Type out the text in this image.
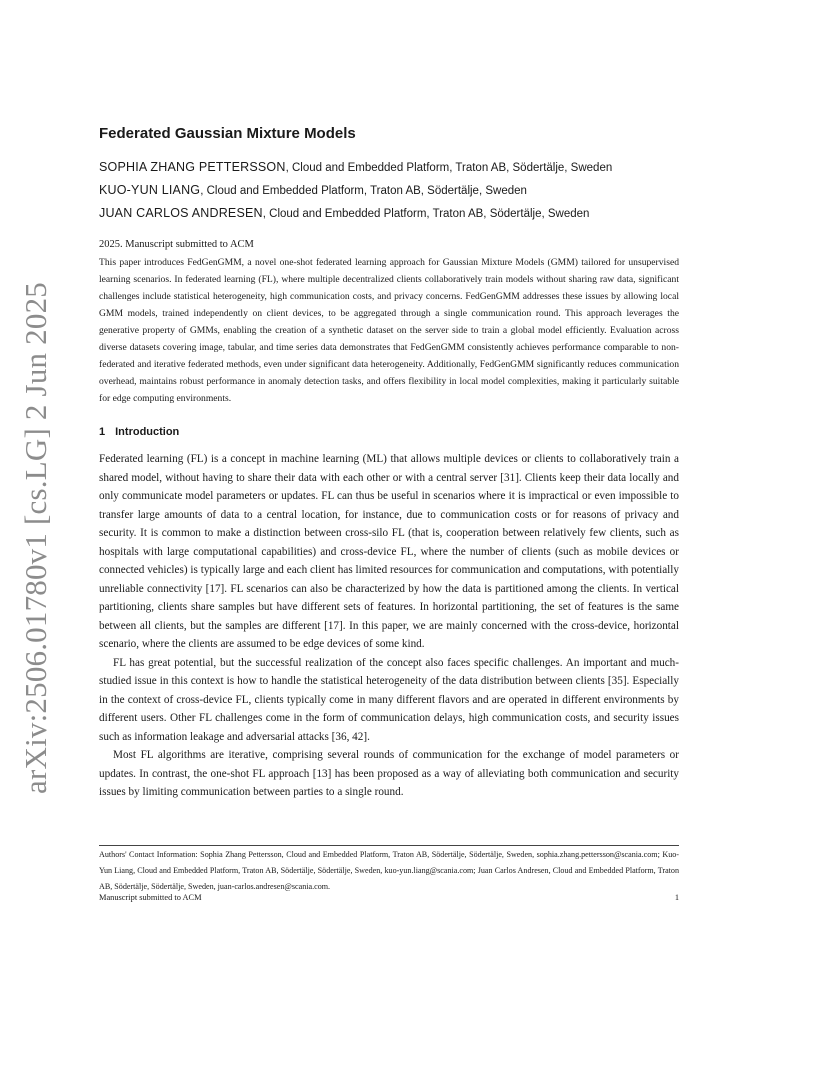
arXiv:2506.01780v1 [cs.LG] 2 Jun 2025
Federated Gaussian Mixture Models
SOPHIA ZHANG PETTERSSON, Cloud and Embedded Platform, Traton AB, Södertälje, Sweden
KUO-YUN LIANG, Cloud and Embedded Platform, Traton AB, Södertälje, Sweden
JUAN CARLOS ANDRESEN, Cloud and Embedded Platform, Traton AB, Södertälje, Sweden
2025. Manuscript submitted to ACM

This paper introduces FedGenGMM, a novel one-shot federated learning approach for Gaussian Mixture Models (GMM) tailored for unsupervised learning scenarios. In federated learning (FL), where multiple decentralized clients collaboratively train models without sharing raw data, significant challenges include statistical heterogeneity, high communication costs, and privacy concerns. FedGenGMM addresses these issues by allowing local GMM models, trained independently on client devices, to be aggregated through a single communication round. This approach leverages the generative property of GMMs, enabling the creation of a synthetic dataset on the server side to train a global model efficiently. Evaluation across diverse datasets covering image, tabular, and time series data demonstrates that FedGenGMM consistently achieves performance comparable to non-federated and iterative federated methods, even under significant data heterogeneity. Additionally, FedGenGMM significantly reduces communication overhead, maintains robust performance in anomaly detection tasks, and offers flexibility in local model complexities, making it particularly suitable for edge computing environments.

1 Introduction

Federated learning (FL) is a concept in machine learning (ML) that allows multiple devices or clients to collaboratively train a shared model, without having to share their data with each other or with a central server [31]. Clients keep their data locally and only communicate model parameters or updates. FL can thus be useful in scenarios where it is impractical or even impossible to transfer large amounts of data to a central location, for instance, due to communication costs or for reasons of privacy and security. It is common to make a distinction between cross-silo FL (that is, cooperation between relatively few clients, such as hospitals with large computational capabilities) and cross-device FL, where the number of clients (such as mobile devices or connected vehicles) is typically large and each client has limited resources for communication and computations, with potentially unreliable connectivity [17]. FL scenarios can also be characterized by how the data is partitioned among the clients. In vertical partitioning, clients share samples but have different sets of features. In horizontal partitioning, the set of features is the same between all clients, but the samples are different [17]. In this paper, we are mainly concerned with the cross-device, horizontal scenario, where the clients are assumed to be edge devices of some kind.

FL has great potential, but the successful realization of the concept also faces specific challenges. An important and much-studied issue in this context is how to handle the statistical heterogeneity of the data distribution between clients [35]. Especially in the context of cross-device FL, clients typically come in many different flavors and are operated in different environments by different users. Other FL challenges come in the form of communication delays, high communication costs, and security issues such as information leakage and adversarial attacks [36, 42].

Most FL algorithms are iterative, comprising several rounds of communication for the exchange of model parameters or updates. In contrast, the one-shot FL approach [13] has been proposed as a way of alleviating both communication and security issues by limiting communication between parties to a single round.

Authors' Contact Information: Sophia Zhang Pettersson, Cloud and Embedded Platform, Traton AB, Södertälje, Södertälje, Sweden, sophia.zhang.pettersson@scania.com; Kuo-Yun Liang, Cloud and Embedded Platform, Traton AB, Södertälje, Södertälje, Sweden, kuo-yun.liang@scania.com; Juan Carlos Andresen, Cloud and Embedded Platform, Traton AB, Södertälje, Södertälje, Sweden, juan-carlos.andresen@scania.com.
Manuscript submitted to ACM	1
